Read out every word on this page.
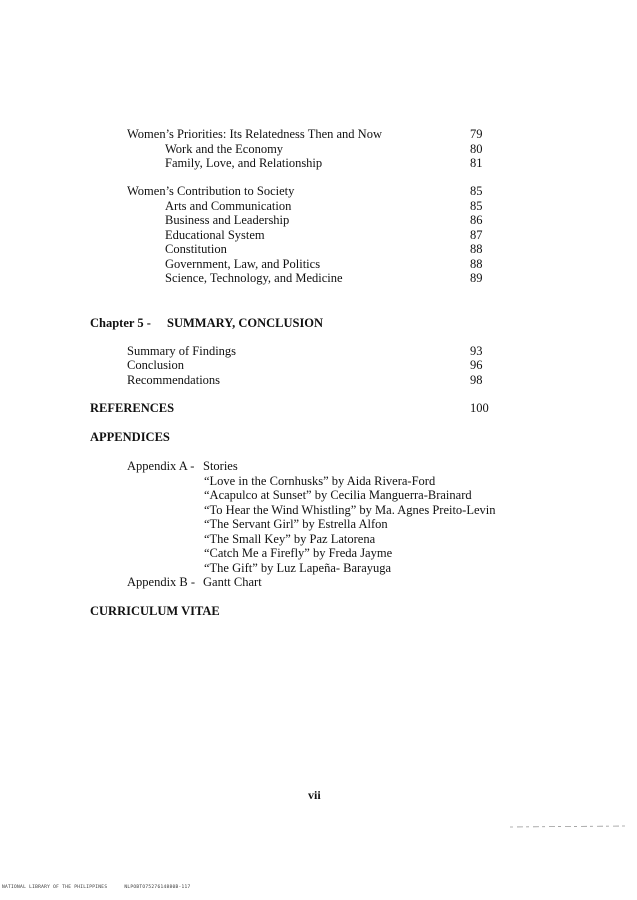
Women’s Priorities: Its Relatedness Then and Now	79
Work and the Economy	80
Family, Love, and Relationship	81
Women’s Contribution to Society	85
Arts and Communication	85
Business and Leadership	86
Educational System	87
Constitution	88
Government, Law, and Politics	88
Science, Technology, and Medicine	89
Chapter 5 - SUMMARY, CONCLUSION
Summary of Findings	93
Conclusion	96
Recommendations	98
REFERENCES	100
APPENDICES
Appendix A - Stories
“Love in the Cornhusks” by Aida Rivera-Ford
“Acapulco at Sunset” by Cecilia Manguerra-Brainard
“To Hear the Wind Whistling” by Ma. Agnes Preito-Levin
“The Servant Girl” by Estrella Alfon
“The Small Key” by Paz Latorena
“Catch Me a Firefly” by Freda Jayme
“The Gift” by Luz Lapeña- Barayuga
Appendix B - Gantt Chart
CURRICULUM VITAE
vii
NATIONAL LIBRARY OF THE PHILIPPINES	NLPOBTO7527614880B-117
